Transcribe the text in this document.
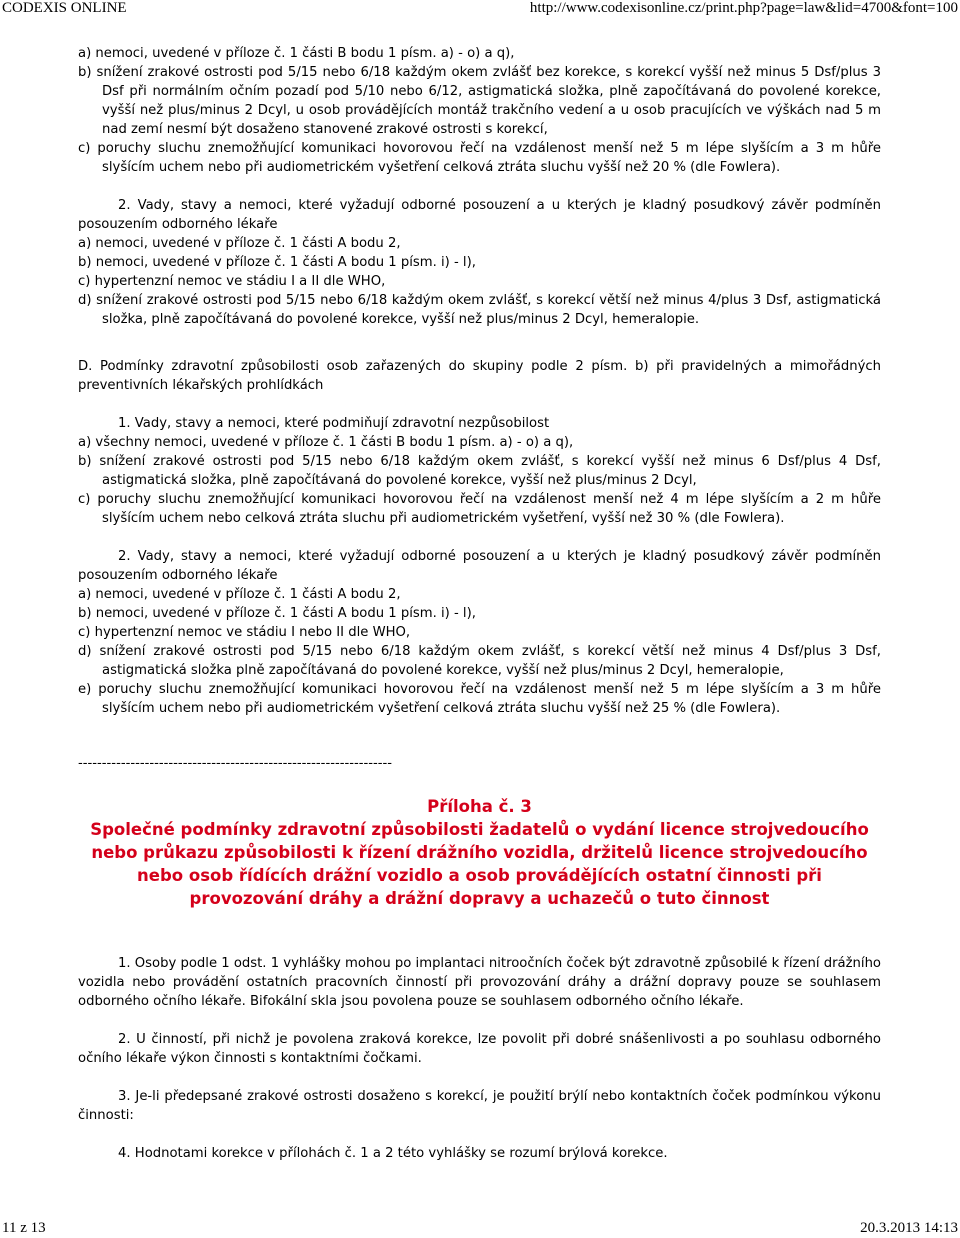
CODEXIS ONLINE	http://www.codexisonline.cz/print.php?page=law&lid=4700&font=100

a) nemoci, uvedené v příloze č. 1 části B bodu 1 písm. a) - o) a q),

b) snížení zrakové ostrosti pod 5/15 nebo 6/18 každým okem zvlášť bez korekce, s korekcí vyšší než minus 5 Dsf/plus 3 Dsf při normálním očním pozadí pod 5/10 nebo 6/12, astigmatická složka, plně započítávaná do povolené korekce, vyšší než plus/minus 2 Dcyl, u osob provádějících montáž trakčního vedení a u osob pracujících ve výškách nad 5 m nad zemí nesmí být dosaženo stanovené zrakové ostrosti s korekcí,

c) poruchy sluchu znemožňující komunikaci hovorovou řečí na vzdálenost menší než 5 m lépe slyšícím a 3 m hůře slyšícím uchem nebo při audiometrickém vyšetření celková ztráta sluchu vyšší než 20 % (dle Fowlera).

2. Vady, stavy a nemoci, které vyžadují odborné posouzení a u kterých je kladný posudkový závěr podmíněn posouzením odborného lékaře

a) nemoci, uvedené v příloze č. 1 části A bodu 2,

b) nemoci, uvedené v příloze č. 1 části A bodu 1 písm. i) - l),

c) hypertenzní nemoc ve stádiu I a II dle WHO,

d) snížení zrakové ostrosti pod 5/15 nebo 6/18 každým okem zvlášť, s korekcí větší než minus 4/plus 3 Dsf, astigmatická složka, plně započítávaná do povolené korekce, vyšší než plus/minus 2 Dcyl, hemeralopie.

D. Podmínky zdravotní způsobilosti osob zařazených do skupiny podle 2 písm. b) při pravidelných a mimořádných preventivních lékařských prohlídkách

1. Vady, stavy a nemoci, které podmiňují zdravotní nezpůsobilost

a) všechny nemoci, uvedené v příloze č. 1 části B bodu 1 písm. a) - o) a q),

b) snížení zrakové ostrosti pod 5/15 nebo 6/18 každým okem zvlášť, s korekcí vyšší než minus 6 Dsf/plus 4 Dsf, astigmatická složka, plně započítávaná do povolené korekce, vyšší než plus/minus 2 Dcyl,

c) poruchy sluchu znemožňující komunikaci hovorovou řečí na vzdálenost menší než 4 m lépe slyšícím a 2 m hůře slyšícím uchem nebo celková ztráta sluchu při audiometrickém vyšetření, vyšší než 30 % (dle Fowlera).

2. Vady, stavy a nemoci, které vyžadují odborné posouzení a u kterých je kladný posudkový závěr podmíněn posouzením odborného lékaře

a) nemoci, uvedené v příloze č. 1 části A bodu 2,

b) nemoci, uvedené v příloze č. 1 části A bodu 1 písm. i) - l),

c) hypertenzní nemoc ve stádiu I nebo II dle WHO,

d) snížení zrakové ostrosti pod 5/15 nebo 6/18 každým okem zvlášť, s korekcí větší než minus 4 Dsf/plus 3 Dsf, astigmatická složka plně započítávaná do povolené korekce, vyšší než plus/minus 2 Dcyl, hemeralopie,

e) poruchy sluchu znemožňující komunikaci hovorovou řečí na vzdálenost menší než 5 m lépe slyšícím a 3 m hůře slyšícím uchem nebo při audiometrickém vyšetření celková ztráta sluchu vyšší než 25 % (dle Fowlera).

------------------------------------------------------------------

Příloha č. 3

Společné podmínky zdravotní způsobilosti žadatelů o vydání licence strojvedoucího nebo průkazu způsobilosti k řízení drážního vozidla, držitelů licence strojvedoucího nebo osob řídících drážní vozidlo a osob provádějících ostatní činnosti při provozování dráhy a drážní dopravy a uchazečů o tuto činnost

1. Osoby podle 1 odst. 1 vyhlášky mohou po implantaci nitroočních čoček být zdravotně způsobilé k řízení drážního vozidla nebo provádění ostatních pracovních činností při provozování dráhy a drážní dopravy pouze se souhlasem odborného očního lékaře. Bifokální skla jsou povolena pouze se souhlasem odborného očního lékaře.

2. U činností, při nichž je povolena zraková korekce, lze povolit při dobré snášenlivosti a po souhlasu odborného očního lékaře výkon činnosti s kontaktními čočkami.

3. Je-li předepsané zrakové ostrosti dosaženo s korekcí, je použití brýlí nebo kontaktních čoček podmínkou výkonu činnosti:

4. Hodnotami korekce v přílohách č. 1 a 2 této vyhlášky se rozumí brýlová korekce.

11 z 13	20.3.2013 14:13
